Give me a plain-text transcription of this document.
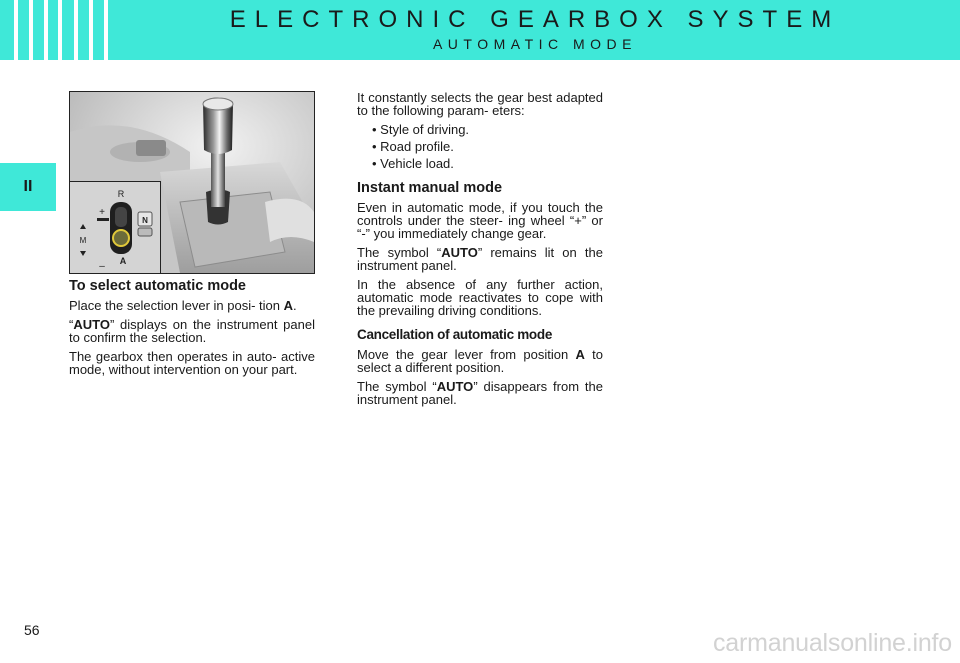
ELECTRONIC GEARBOX SYSTEM
AUTOMATIC MODE
II	R
+
M
–
N
A
To select automatic mode

Place the selection lever in posi- tion A.

“AUTO” displays on the instrument panel to confirm the selection.

The gearbox then operates in auto- active mode, without intervention on your part.

It constantly selects the gear best adapted to the following param- eters:

• Style of driving.
• Road profile.
• Vehicle load.
Instant manual mode

Even in automatic mode, if you touch the controls under the steer- ing wheel “+” or “-” you immediately change gear.

The symbol “AUTO” remains lit on the instrument panel.

In the absence of any further action, automatic mode reactivates to cope with the prevailing driving conditions.

Cancellation of automatic mode

Move the gear lever from position A to select a different position.

The symbol “AUTO” disappears from the instrument panel.

56	carmanualsonline.info
